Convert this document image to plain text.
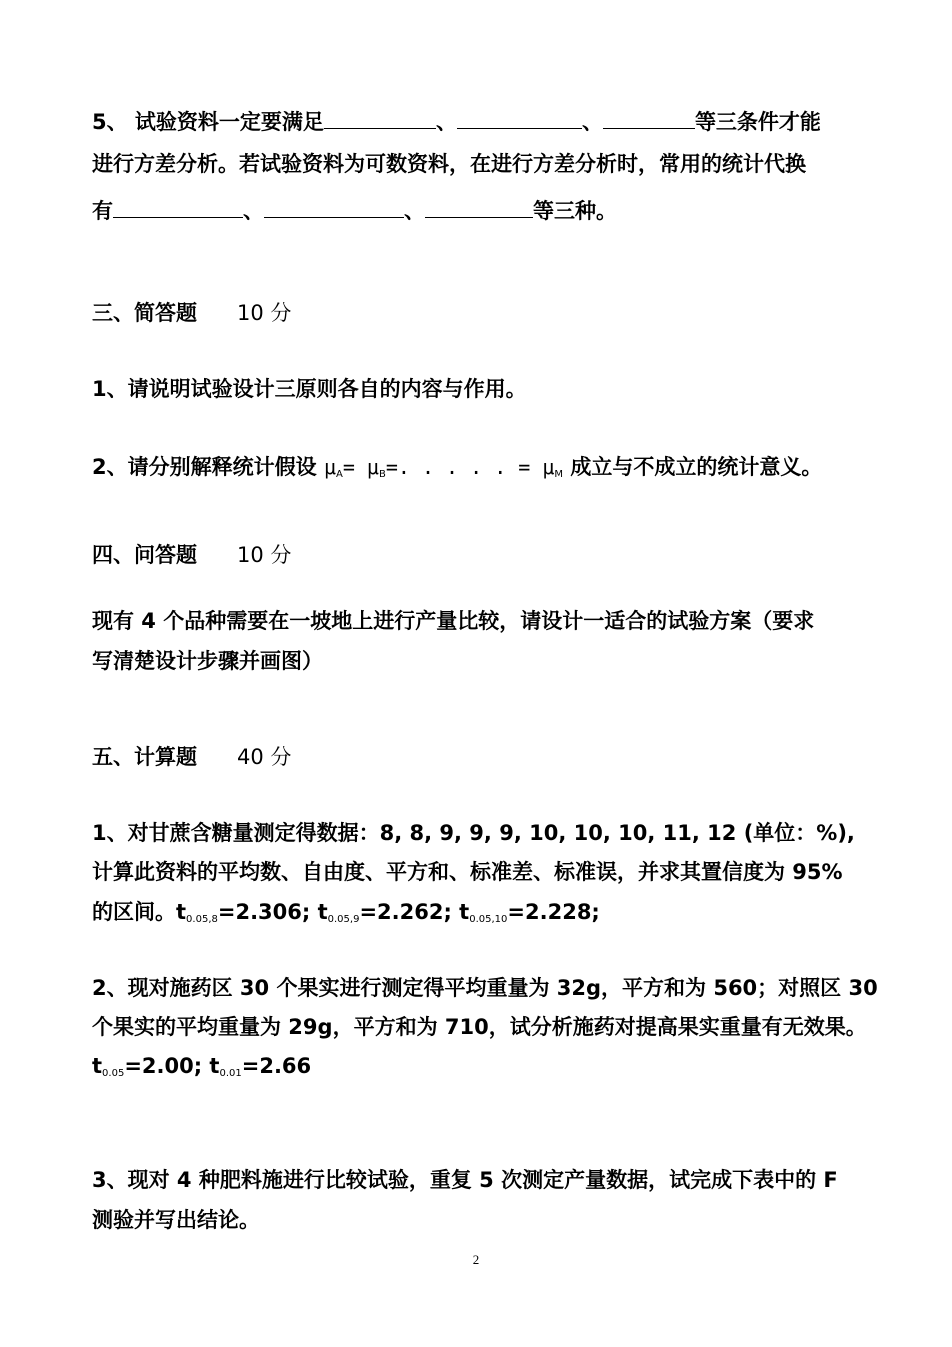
5、 试验资料一定要满足	、	、	等三条件才能
进行方差分析。若试验资料为可数资料，在进行方差分析时，常用的统计代换
有	、	、	等三种。
三、简答题 10 分
1、请说明试验设计三原则各自的内容与作用。
2、请分别解释统计假设 $\mu_A= \mu_B=$. . . . . = $\mu_M$ 成立与不成立的统计意义。
四、问答题 10 分
现有 4 个品种需要在一坡地上进行产量比较，请设计一适合的试验方案（要求
写清楚设计步骤并画图）
五、计算题 40 分
1、对甘蔗含糖量测定得数据：8, 8, 9, 9, 9, 10, 10, 10, 11, 12 (单位：%),
计算此资料的平均数、自由度、平方和、标准差、标准误，并求其置信度为 95%
的区间。$t_{0.05,8}=2.306$; $t_{0.05,9}=2.262$; $t_{0.05,10}=2.228$;
2、现对施药区 30 个果实进行测定得平均重量为 32g，平方和为 560；对照区 30
个果实的平均重量为 29g，平方和为 710，试分析施药对提高果实重量有无效果。
$t_{0.05}=2.00$; $t_{0.01}=2.66$
3、现对 4 种肥料施进行比较试验，重复 5 次测定产量数据，试完成下表中的 F
测验并写出结论。
2
